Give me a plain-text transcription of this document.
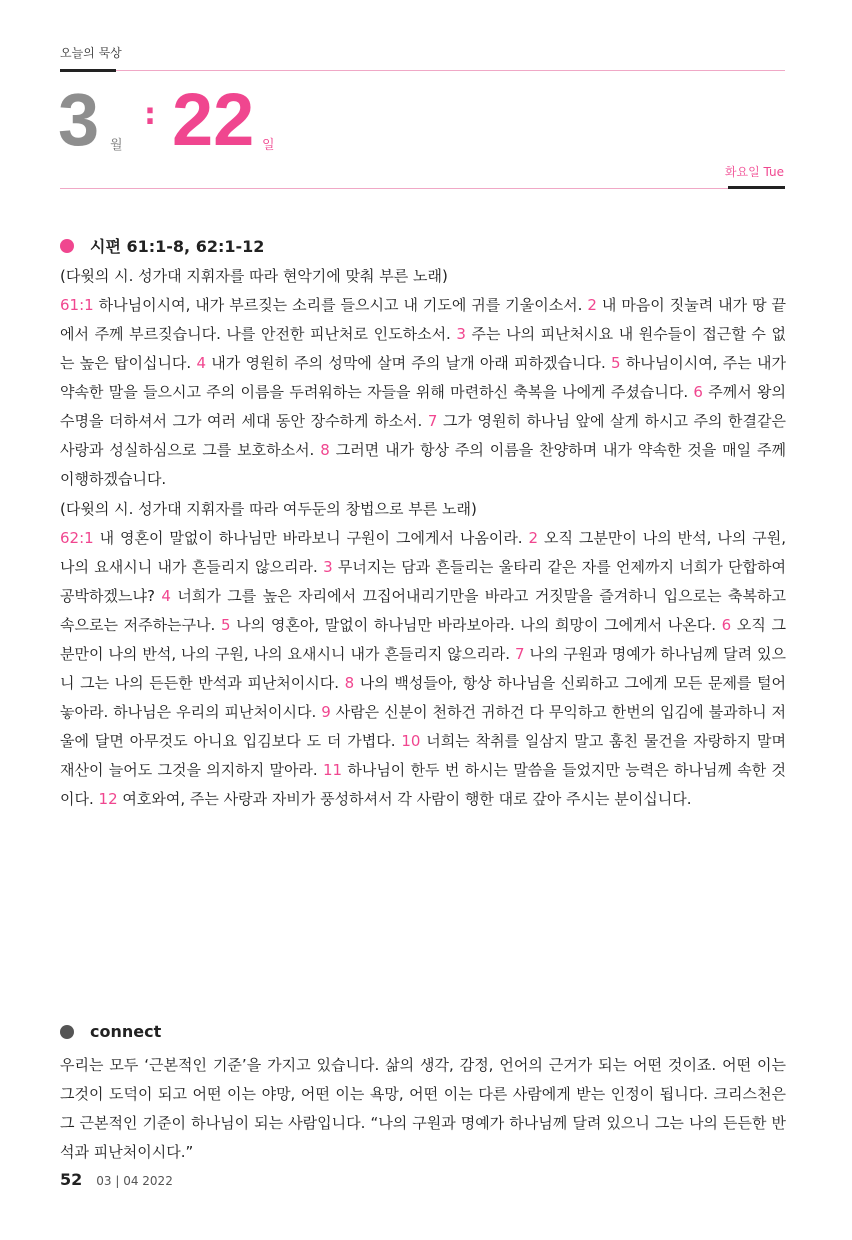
오늘의 묵상
3 월
: 22 일
화요일 Tue
시편 61:1-8, 62:1-12

(다윗의 시. 성가대 지휘자를 따라 현악기에 맞춰 부른 노래)

61:1 하나님이시여, 내가 부르짖는 소리를 들으시고 내 기도에 귀를 기울이소서. 2 내 마음이 짓눌려 내가 땅 끝에서 주께 부르짖습니다. 나를 안전한 피난처로 인도하소서. 3 주는 나의 피난처시요 내 원수들이 접근할 수 없는 높은 탑이십니다. 4 내가 영원히 주의 성막에 살며 주의 날개 아래 피하겠습니다. 5 하나님이시여, 주는 내가 약속한 말을 들으시고 주의 이름을 두려워하는 자들을 위해 마련하신 축복을 나에게 주셨습니다. 6 주께서 왕의 수명을 더하셔서 그가 여러 세대 동안 장수하게 하소서. 7 그가 영원히 하나님 앞에 살게 하시고 주의 한결같은 사랑과 성실하심으로 그를 보호하소서. 8 그러면 내가 항상 주의 이름을 찬양하며 내가 약속한 것을 매일 주께 이행하겠습니다.

(다윗의 시. 성가대 지휘자를 따라 여두둔의 창법으로 부른 노래)

62:1 내 영혼이 말없이 하나님만 바라보니 구원이 그에게서 나옴이라. 2 오직 그분만이 나의 반석, 나의 구원, 나의 요새시니 내가 흔들리지 않으리라. 3 무너지는 담과 흔들리는 울타리 같은 자를 언제까지 너희가 단합하여 공박하겠느냐? 4 너희가 그를 높은 자리에서 끄집어내리기만을 바라고 거짓말을 즐겨하니 입으로는 축복하고 속으로는 저주하는구나. 5 나의 영혼아, 말없이 하나님만 바라보아라. 나의 희망이 그에게서 나온다. 6 오직 그분만이 나의 반석, 나의 구원, 나의 요새시니 내가 흔들리지 않으리라. 7 나의 구원과 명예가 하나님께 달려 있으니 그는 나의 든든한 반석과 피난처이시다. 8 나의 백성들아, 항상 하나님을 신뢰하고 그에게 모든 문제를 털어놓아라. 하나님은 우리의 피난처이시다. 9 사람은 신분이 천하건 귀하건 다 무익하고 한번의 입김에 불과하니 저울에 달면 아무것도 아니요 입김보다 도 더 가볍다. 10 너희는 착취를 일삼지 말고 훔친 물건을 자랑하지 말며 재산이 늘어도 그것을 의지하지 말아라. 11 하나님이 한두 번 하시는 말씀을 들었지만 능력은 하나님께 속한 것이다. 12 여호와여, 주는 사랑과 자비가 풍성하셔서 각 사람이 행한 대로 갚아 주시는 분이십니다.

connect

우리는 모두 ‘근본적인 기준’을 가지고 있습니다. 삶의 생각, 감정, 언어의 근거가 되는 어떤 것이죠. 어떤 이는 그것이 도덕이 되고 어떤 이는 야망, 어떤 이는 욕망, 어떤 이는 다른 사람에게 받는 인정이 됩니다. 크리스천은 그 근본적인 기준이 하나님이 되는 사람입니다. “나의 구원과 명예가 하나님께 달려 있으니 그는 나의 든든한 반석과 피난처이시다.”

52 03 | 04 2022
